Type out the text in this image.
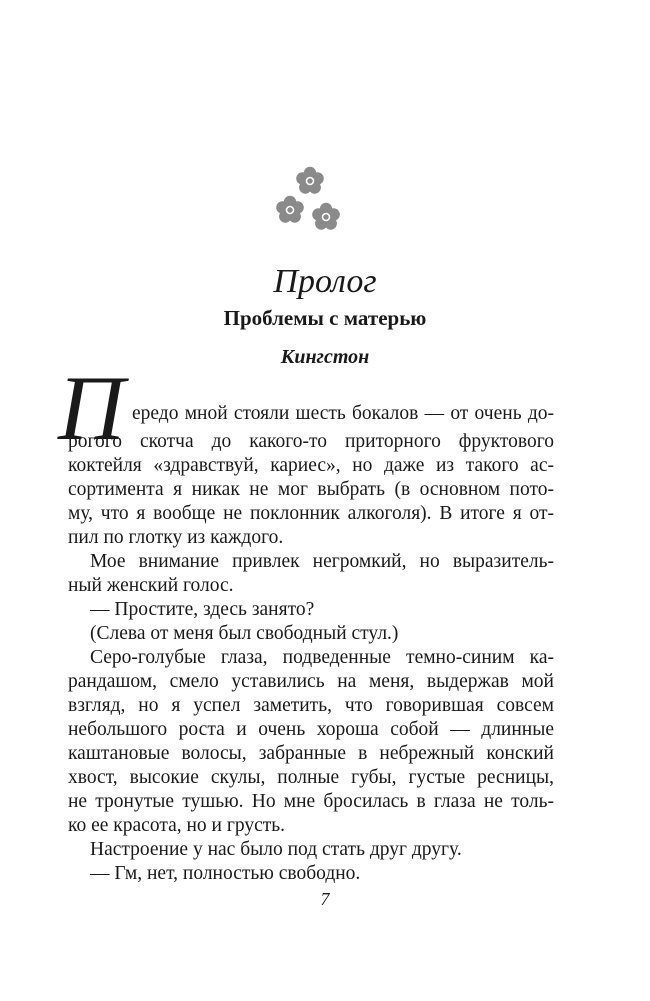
Пролог
Проблемы с матерью
Кингстон
П ередо мной стояли шесть бокалов — от очень до-
рогого скотча до какого-то приторного фруктового
коктейля «здравствуй, кариес», но даже из такого ас-
сортимента я никак не мог выбрать (в основном пото-
му, что я вообще не поклонник алкоголя). В итоге я от-
пил по глотку из каждого.
Мое внимание привлек негромкий, но выразитель-
ный женский голос.
— Простите, здесь занято?
(Слева от меня был свободный стул.)
Серо-голубые глаза, подведенные темно-синим ка-
рандашом, смело уставились на меня, выдержав мой
взгляд, но я успел заметить, что говорившая совсем
небольшого роста и очень хороша собой — длинные
каштановые волосы, забранные в небрежный конский
хвост, высокие скулы, полные губы, густые ресницы,
не тронутые тушью. Но мне бросилась в глаза не толь-
ко ее красота, но и грусть.
Настроение у нас было под стать друг другу.
— Гм, нет, полностью свободно.
7
